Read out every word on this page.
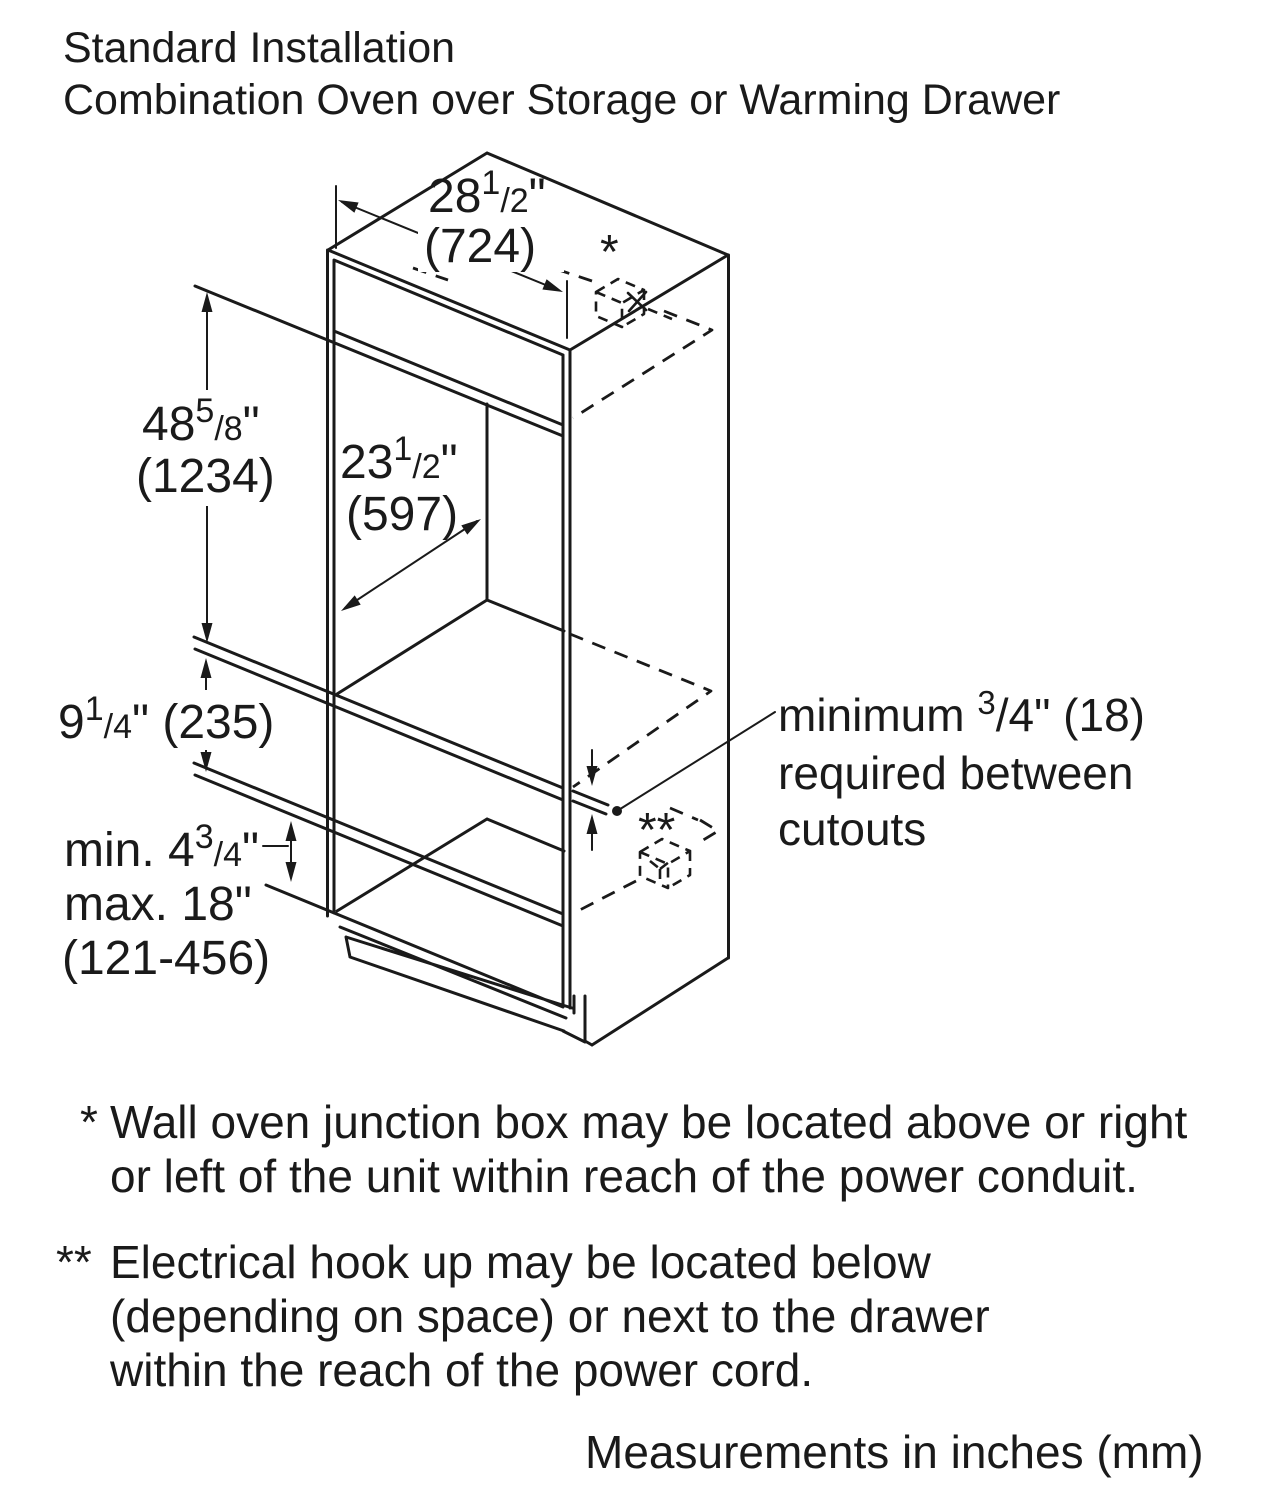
Standard Installation
Combination Oven over Storage or Warming Drawer
$28^1_{/2}$"
(724)
$48^5_{/8}$"
(1234) $23^1_{/2}$"
(597)
$9^1_{/4}$" (235)
min. $4^3_{/4}$"
max. 18"
(121-456)
minimum $^3$/4" (18)
required between
cutouts
*
**
* Wall oven junction box may be located above or right
or left of the unit within reach of the power conduit.
** Electrical hook up may be located below
(depending on space) or next to the drawer
within the reach of the power cord.
Measurements in inches (mm)
